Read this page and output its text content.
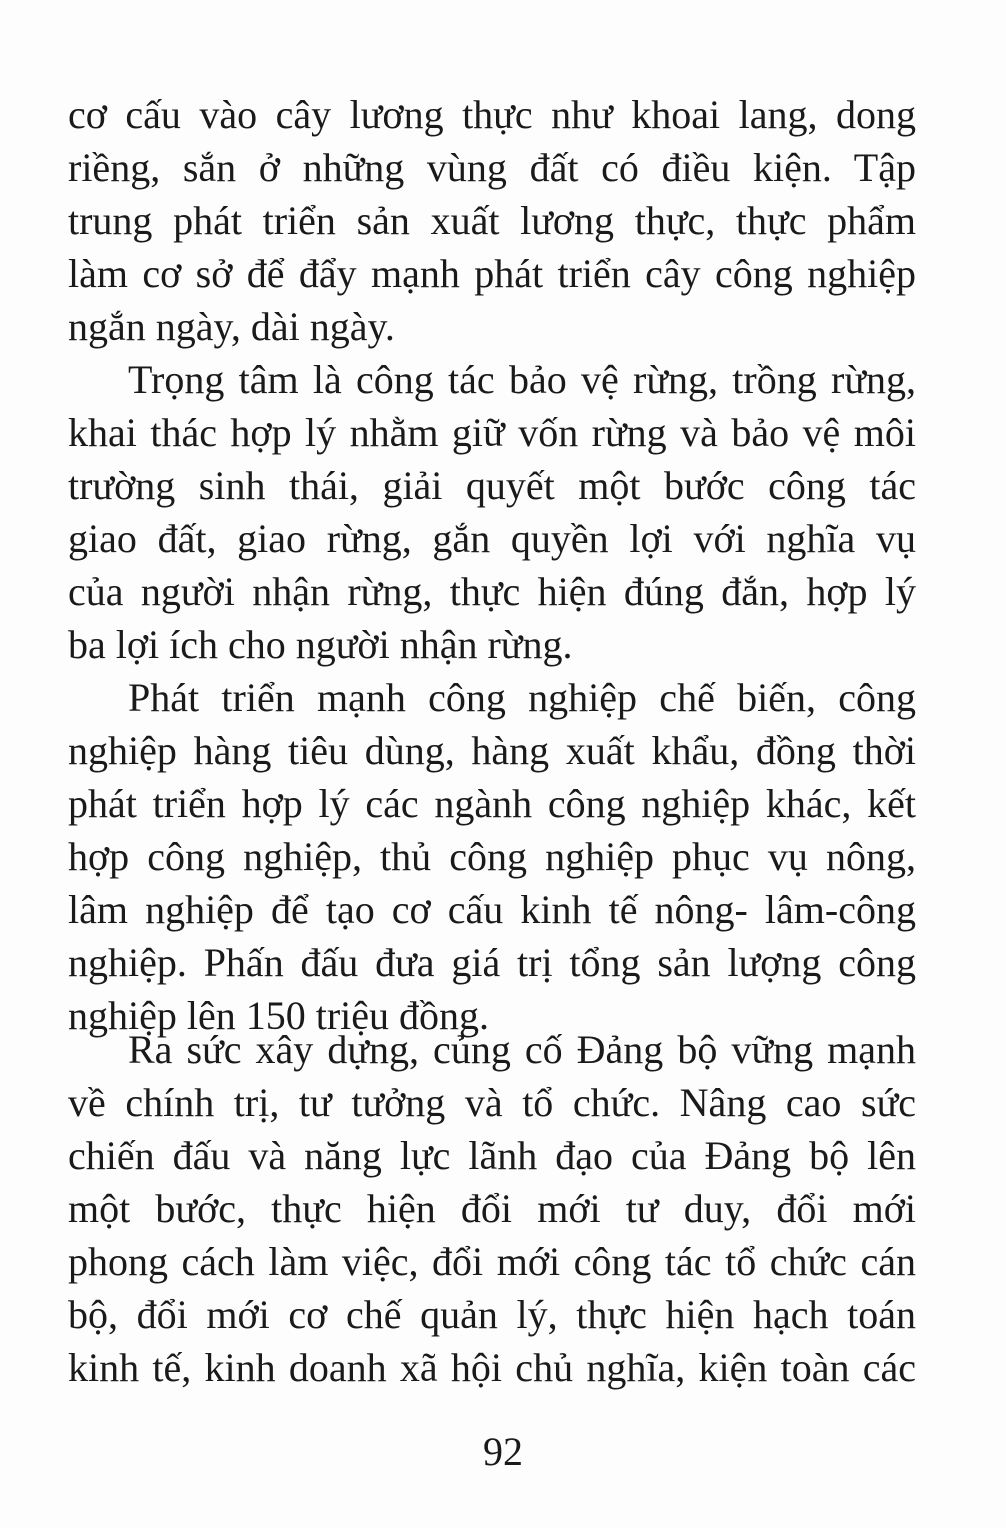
cơ cấu vào cây lương thực như khoai lang, dong
riềng, sắn ở những vùng đất có điều kiện. Tập
trung phát triển sản xuất lương thực, thực phẩm
làm cơ sở để đẩy mạnh phát triển cây công nghiệp
ngắn ngày, dài ngày.
Trọng tâm là công tác bảo vệ rừng, trồng rừng,
khai thác hợp lý nhằm giữ vốn rừng và bảo vệ môi
trường sinh thái, giải quyết một bước công tác
giao đất, giao rừng, gắn quyền lợi với nghĩa vụ
của người nhận rừng, thực hiện đúng đắn, hợp lý
ba lợi ích cho người nhận rừng.
Phát triển mạnh công nghiệp chế biến, công
nghiệp hàng tiêu dùng, hàng xuất khẩu, đồng thời
phát triển hợp lý các ngành công nghiệp khác, kết
hợp công nghiệp, thủ công nghiệp phục vụ nông,
lâm nghiệp để tạo cơ cấu kinh tế nông- lâm-công
nghiệp. Phấn đấu đưa giá trị tổng sản lượng công
nghiệp lên 150 triệu đồng.
Ra sức xây dựng, củng cố Đảng bộ vững mạnh
về chính trị, tư tưởng và tổ chức. Nâng cao sức
chiến đấu và năng lực lãnh đạo của Đảng bộ lên
một bước, thực hiện đổi mới tư duy, đổi mới
phong cách làm việc, đổi mới công tác tổ chức cán
bộ, đổi mới cơ chế quản lý, thực hiện hạch toán
kinh tế, kinh doanh xã hội chủ nghĩa, kiện toàn các
92
